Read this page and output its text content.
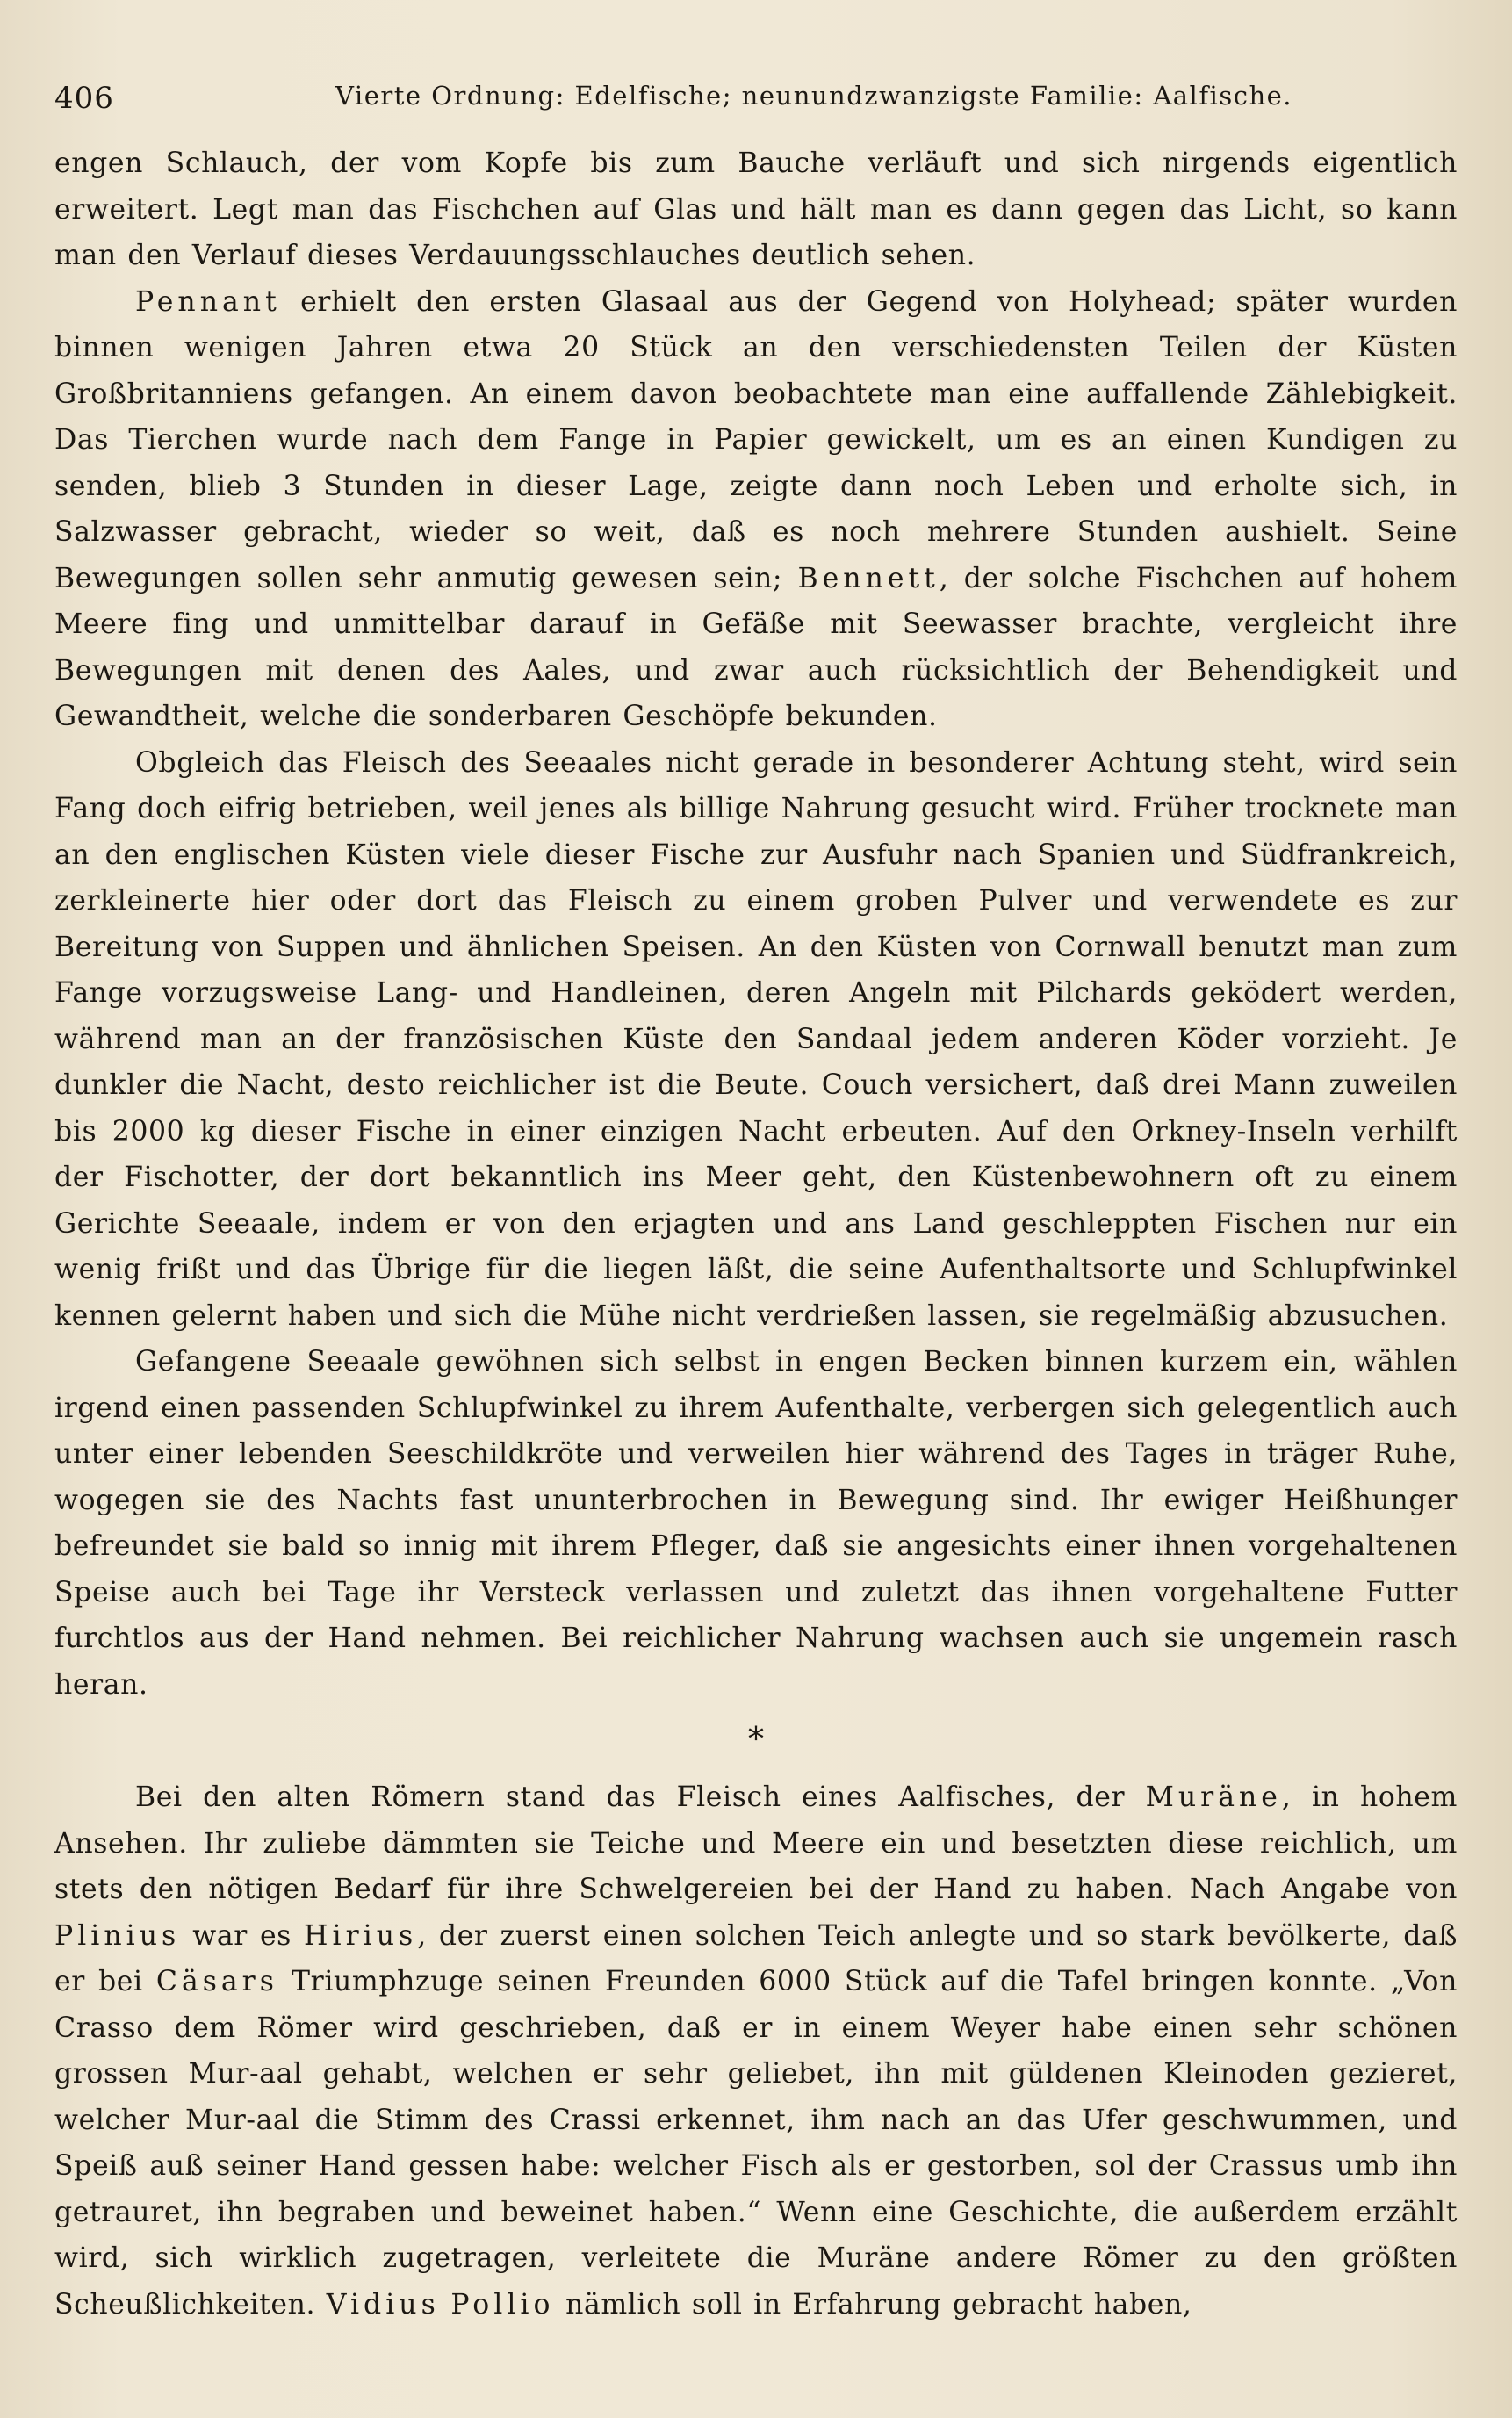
406	Vierte Ordnung: Edelfische; neunundzwanzigste Familie: Aalfische.

engen Schlauch, der vom Kopfe bis zum Bauche verläuft und sich nirgends eigentlich erweitert. Legt man das Fischchen auf Glas und hält man es dann gegen das Licht, so kann man den Verlauf dieses Verdauungsschlauches deutlich sehen.

Pennant erhielt den ersten Glasaal aus der Gegend von Holyhead; später wurden binnen wenigen Jahren etwa 20 Stück an den verschiedensten Teilen der Küsten Großbritanniens gefangen. An einem davon beobachtete man eine auffallende Zählebigkeit. Das Tierchen wurde nach dem Fange in Papier gewickelt, um es an einen Kundigen zu senden, blieb 3 Stunden in dieser Lage, zeigte dann noch Leben und erholte sich, in Salzwasser gebracht, wieder so weit, daß es noch mehrere Stunden aushielt. Seine Bewegungen sollen sehr anmutig gewesen sein; Bennett, der solche Fischchen auf hohem Meere fing und unmittelbar darauf in Gefäße mit Seewasser brachte, vergleicht ihre Bewegungen mit denen des Aales, und zwar auch rücksichtlich der Behendigkeit und Gewandtheit, welche die sonderbaren Geschöpfe bekunden.

Obgleich das Fleisch des Seeaales nicht gerade in besonderer Achtung steht, wird sein Fang doch eifrig betrieben, weil jenes als billige Nahrung gesucht wird. Früher trocknete man an den englischen Küsten viele dieser Fische zur Ausfuhr nach Spanien und Südfrankreich, zerkleinerte hier oder dort das Fleisch zu einem groben Pulver und verwendete es zur Bereitung von Suppen und ähnlichen Speisen. An den Küsten von Cornwall benutzt man zum Fange vorzugsweise Lang- und Handleinen, deren Angeln mit Pilchards geködert werden, während man an der französischen Küste den Sandaal jedem anderen Köder vorzieht. Je dunkler die Nacht, desto reichlicher ist die Beute. Couch versichert, daß drei Mann zuweilen bis 2000 kg dieser Fische in einer einzigen Nacht erbeuten. Auf den Orkney-Inseln verhilft der Fischotter, der dort bekanntlich ins Meer geht, den Küstenbewohnern oft zu einem Gerichte Seeaale, indem er von den erjagten und ans Land geschleppten Fischen nur ein wenig frißt und das Übrige für die liegen läßt, die seine Aufenthaltsorte und Schlupfwinkel kennen gelernt haben und sich die Mühe nicht verdrießen lassen, sie regelmäßig abzusuchen.

Gefangene Seeaale gewöhnen sich selbst in engen Becken binnen kurzem ein, wählen irgend einen passenden Schlupfwinkel zu ihrem Aufenthalte, verbergen sich gelegentlich auch unter einer lebenden Seeschildkröte und verweilen hier während des Tages in träger Ruhe, wogegen sie des Nachts fast ununterbrochen in Bewegung sind. Ihr ewiger Heißhunger befreundet sie bald so innig mit ihrem Pfleger, daß sie angesichts einer ihnen vorgehaltenen Speise auch bei Tage ihr Versteck verlassen und zuletzt das ihnen vorgehaltene Futter furchtlos aus der Hand nehmen. Bei reichlicher Nahrung wachsen auch sie ungemein rasch heran.

*

Bei den alten Römern stand das Fleisch eines Aalfisches, der Muräne, in hohem Ansehen. Ihr zuliebe dämmten sie Teiche und Meere ein und besetzten diese reichlich, um stets den nötigen Bedarf für ihre Schwelgereien bei der Hand zu haben. Nach Angabe von Plinius war es Hirius, der zuerst einen solchen Teich anlegte und so stark bevölkerte, daß er bei Cäsars Triumphzuge seinen Freunden 6000 Stück auf die Tafel bringen konnte. „Von Crasso dem Römer wird geschrieben, daß er in einem Weyer habe einen sehr schönen grossen Mur-aal gehabt, welchen er sehr geliebet, ihn mit güldenen Kleinoden gezieret, welcher Mur-aal die Stimm des Crassi erkennet, ihm nach an das Ufer geschwummen, und Speiß auß seiner Hand gessen habe: welcher Fisch als er gestorben, sol der Crassus umb ihn getrauret, ihn begraben und beweinet haben.“ Wenn eine Geschichte, die außerdem erzählt wird, sich wirklich zugetragen, verleitete die Muräne andere Römer zu den größten Scheußlichkeiten. Vidius Pollio nämlich soll in Erfahrung gebracht haben,
